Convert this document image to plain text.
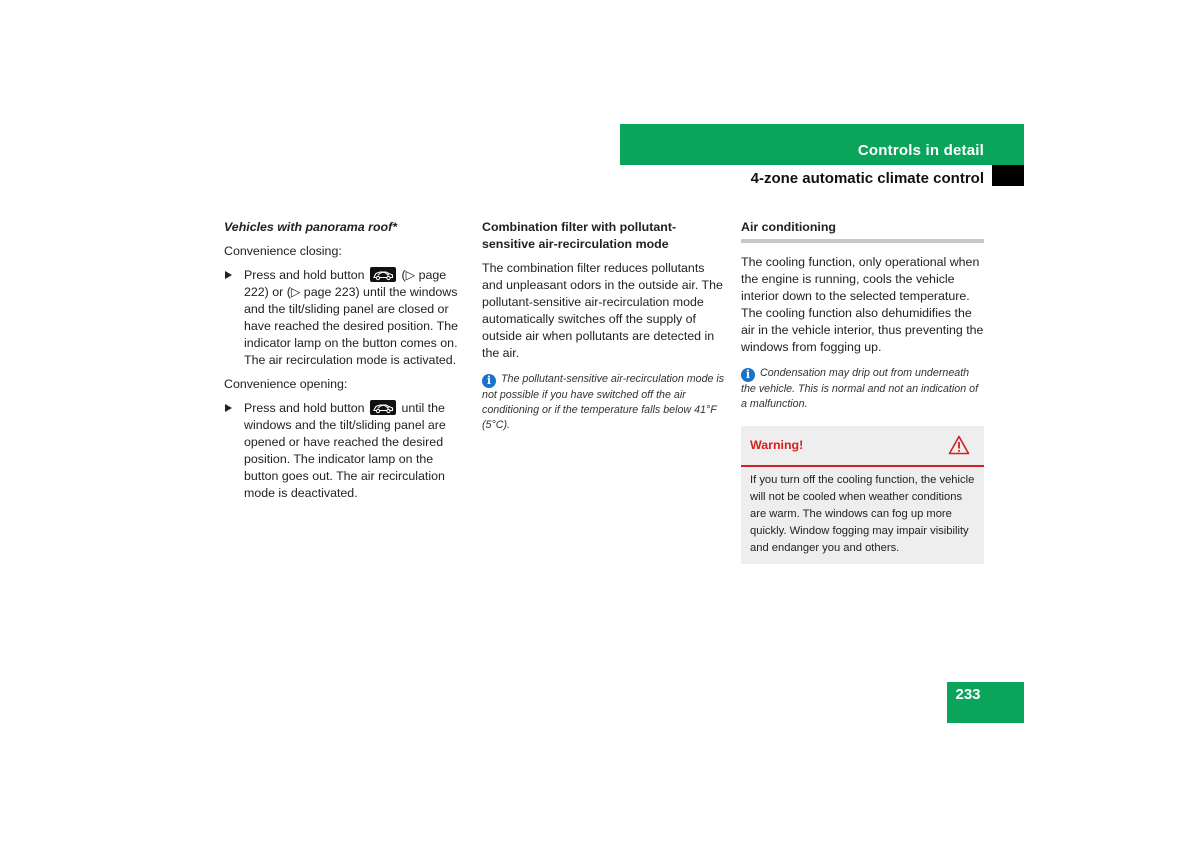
Controls in detail
4-zone automatic climate control

Vehicles with panorama roof*

Convenience closing:

Press and hold button	(▷ page 222) or (▷ page 223) until the windows and the tilt/sliding panel are closed or have reached the desired position. The indicator lamp on the button comes on. The air recirculation mode is activated.

Convenience opening:

Press and hold button	until the windows and the tilt/sliding panel are opened or have reached the desired position. The indicator lamp on the button goes out. The air recirculation mode is deactivated.

Combination filter with pollutant-sensitive air-recirculation mode

The combination filter reduces pollutants and unpleasant odors in the outside air. The pollutant-sensitive air-recirculation mode automatically switches off the supply of outside air when pollutants are detected in the air.

i The pollutant-sensitive air-recirculation mode is not possible if you have switched off the air conditioning or if the temperature falls below 41°F (5°C).

Air conditioning

The cooling function, only operational when the engine is running, cools the vehicle interior down to the selected temperature. The cooling function also dehumidifies the air in the vehicle interior, thus preventing the windows from fogging up.

i Condensation may drip out from underneath the vehicle. This is normal and not an indication of a malfunction.

Warning!
If you turn off the cooling function, the vehicle will not be cooled when weather conditions are warm. The windows can fog up more quickly. Window fogging may impair visibility and endanger you and others.
233
